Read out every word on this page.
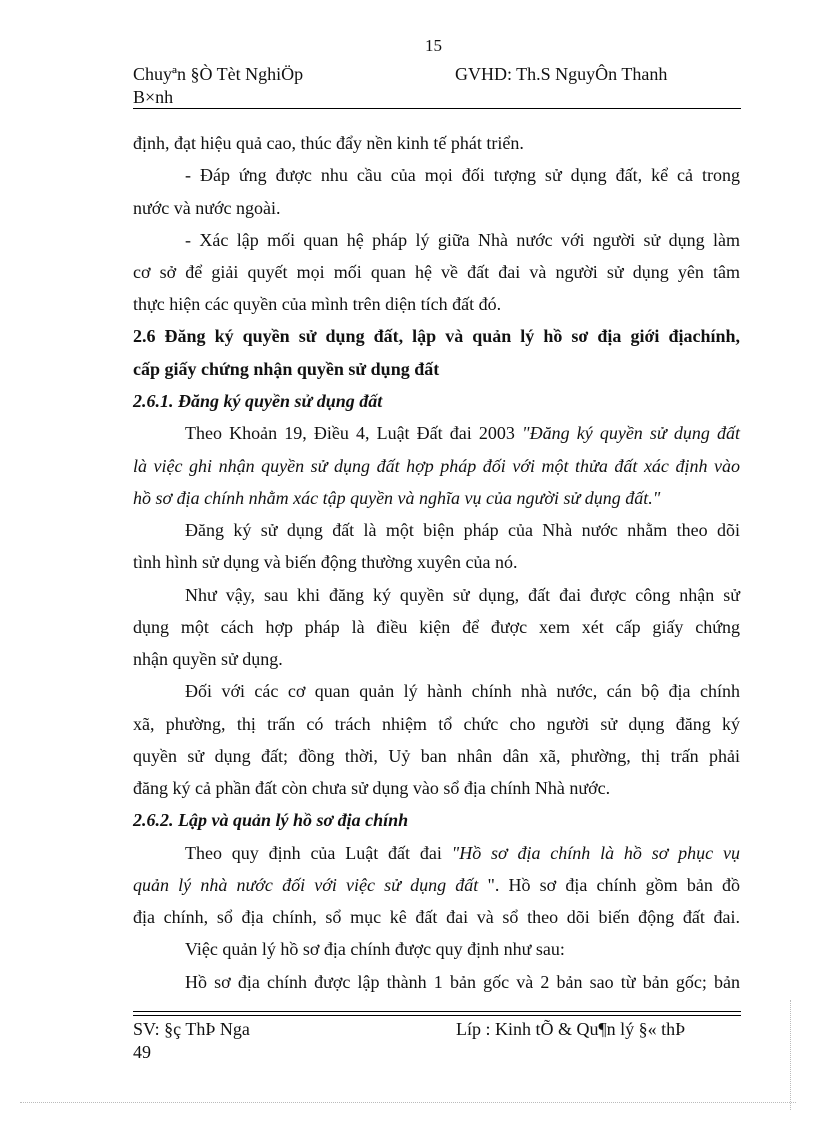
15
Chuyªn §Ò Tèt NghiÖp	GVHD: Th.S NguyÔn Thanh
B×nh
định, đạt hiệu quả cao, thúc đẩy nền kinh tế phát triển.
- Đáp ứng được nhu cầu của mọi đối tượng sử dụng đất, kể cả trong
nước và nước ngoài.
- Xác lập mối quan hệ pháp lý giữa Nhà nước với người sử dụng làm
cơ sở để giải quyết mọi mối quan hệ về đất đai và người sử dụng yên tâm
thực hiện các quyền của mình trên diện tích đất đó.
2.6 Đăng ký quyền sử dụng đất, lập và quản lý hồ sơ địa giới địachính,
cấp giấy chứng nhận quyền sử dụng đất
2.6.1. Đăng ký quyền sử dụng đất
Theo Khoản 19, Điều 4, Luật Đất đai 2003 "Đăng ký quyền sử dụng đất
là việc ghi nhận quyền sử dụng đất hợp pháp đối với một thửa đất xác định vào
hồ sơ địa chính nhằm xác tập quyền và nghĩa vụ của người sử dụng đất."
Đăng ký sử dụng đất là một biện pháp của Nhà nước nhằm theo dõi
tình hình sử dụng và biến động thường xuyên của nó.
Như vậy, sau khi đăng ký quyền sử dụng, đất đai được công nhận sử
dụng một cách hợp pháp là điều kiện để được xem xét cấp giấy chứng
nhận quyền sử dụng.
Đối với các cơ quan quản lý hành chính nhà nước, cán bộ địa chính
xã, phường, thị trấn có trách nhiệm tổ chức cho người sử dụng đăng ký
quyền sử dụng đất; đồng thời, Uỷ ban nhân dân xã, phường, thị trấn phải
đăng ký cả phần đất còn chưa sử dụng vào sổ địa chính Nhà nước.
2.6.2. Lập và quản lý hồ sơ địa chính
Theo quy định của Luật đất đai "Hồ sơ địa chính là hồ sơ phục vụ
quản lý nhà nước đối với việc sử dụng đất ". Hồ sơ địa chính gồm bản đồ
địa chính, sổ địa chính, sổ mục kê đất đai và sổ theo dõi biến động đất đai.
Việc quản lý hồ sơ địa chính được quy định như sau:
Hồ sơ địa chính được lập thành 1 bản gốc và 2 bản sao từ bản gốc; bản
SV: §ç ThÞ Nga	Líp : Kinh tÕ & Qu¶n lý §« thÞ
49
